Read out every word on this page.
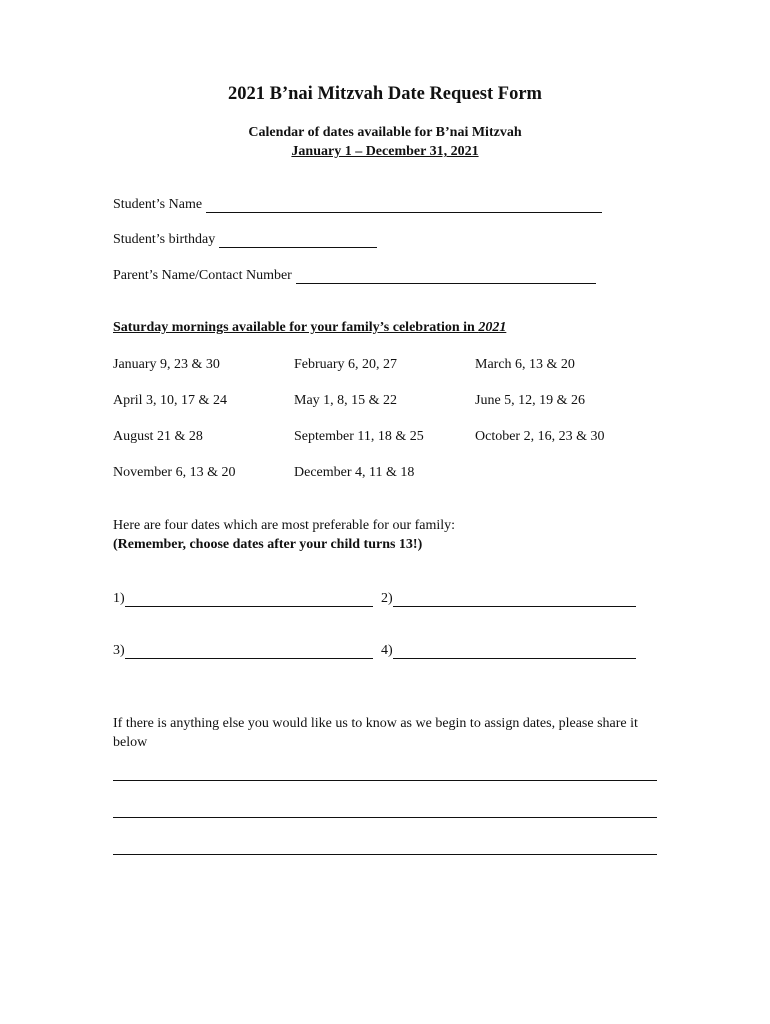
2021 B’nai Mitzvah Date Request Form
Calendar of dates available for B’nai Mitzvah
January 1 – December 31, 2021
Student’s Name
Student’s birthday
Parent’s Name/Contact Number
Saturday mornings available for your family’s celebration in 2021
January 9, 23 & 30	February 6, 20, 27	March 6, 13 & 20
April 3, 10, 17 & 24	May 1, 8, 15 & 22	June 5, 12, 19 & 26
August 21 & 28	September 11, 18 & 25	October 2, 16, 23 & 30
November 6, 13 & 20	December 4, 11 & 18
Here are four dates which are most preferable for our family:
(Remember, choose dates after your child turns 13!)
1)	2)
3)	4)
If there is anything else you would like us to know as we begin to assign dates, please share it below
